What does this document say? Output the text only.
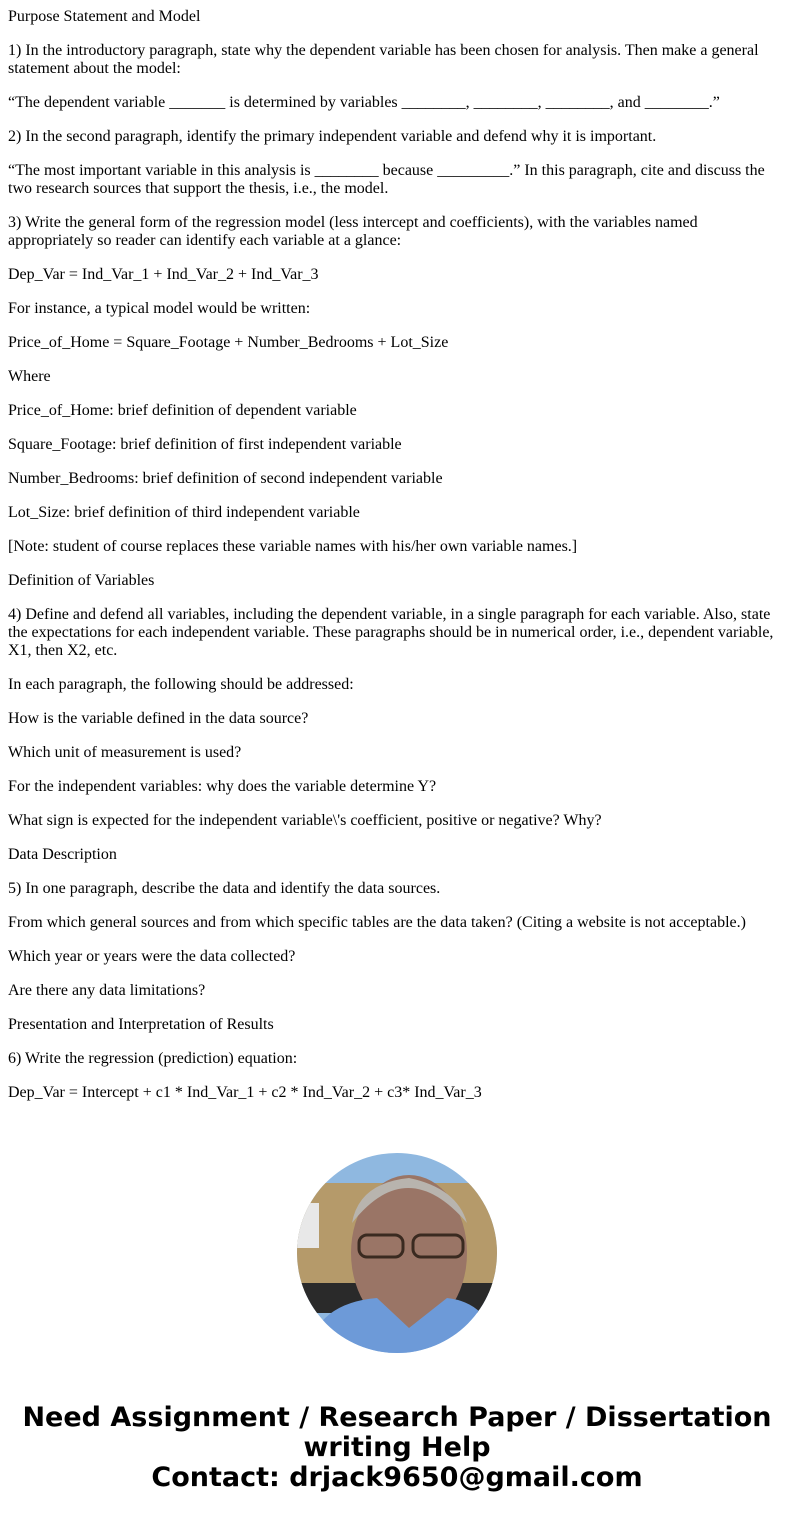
Purpose Statement and Model

1) In the introductory paragraph, state why the dependent variable has been chosen for analysis. Then make a general statement about the model:

“The dependent variable _______ is determined by variables ________, ________, ________, and ________.”

2) In the second paragraph, identify the primary independent variable and defend why it is important.

“The most important variable in this analysis is ________ because _________.” In this paragraph, cite and discuss the two research sources that support the thesis, i.e., the model.

3) Write the general form of the regression model (less intercept and coefficients), with the variables named appropriately so reader can identify each variable at a glance:

Dep_Var = Ind_Var_1 + Ind_Var_2 + Ind_Var_3

For instance, a typical model would be written:

Price_of_Home = Square_Footage + Number_Bedrooms + Lot_Size

Where

Price_of_Home: brief definition of dependent variable

Square_Footage: brief definition of first independent variable

Number_Bedrooms: brief definition of second independent variable

Lot_Size: brief definition of third independent variable

[Note: student of course replaces these variable names with his/her own variable names.]

Definition of Variables

4) Define and defend all variables, including the dependent variable, in a single paragraph for each variable. Also, state the expectations for each independent variable. These paragraphs should be in numerical order, i.e., dependent variable, X1, then X2, etc.

In each paragraph, the following should be addressed:

How is the variable defined in the data source?

Which unit of measurement is used?

For the independent variables: why does the variable determine Y?

What sign is expected for the independent variable\'s coefficient, positive or negative? Why?

Data Description

5) In one paragraph, describe the data and identify the data sources.

From which general sources and from which specific tables are the data taken? (Citing a website is not acceptable.)

Which year or years were the data collected?

Are there any data limitations?

Presentation and Interpretation of Results

6) Write the regression (prediction) equation:

Dep_Var = Intercept + c1 * Ind_Var_1 + c2 * Ind_Var_2 + c3* Ind_Var_3

Need Assignment / Research Paper / Dissertation writing Help
Contact: drjack9650@gmail.com
